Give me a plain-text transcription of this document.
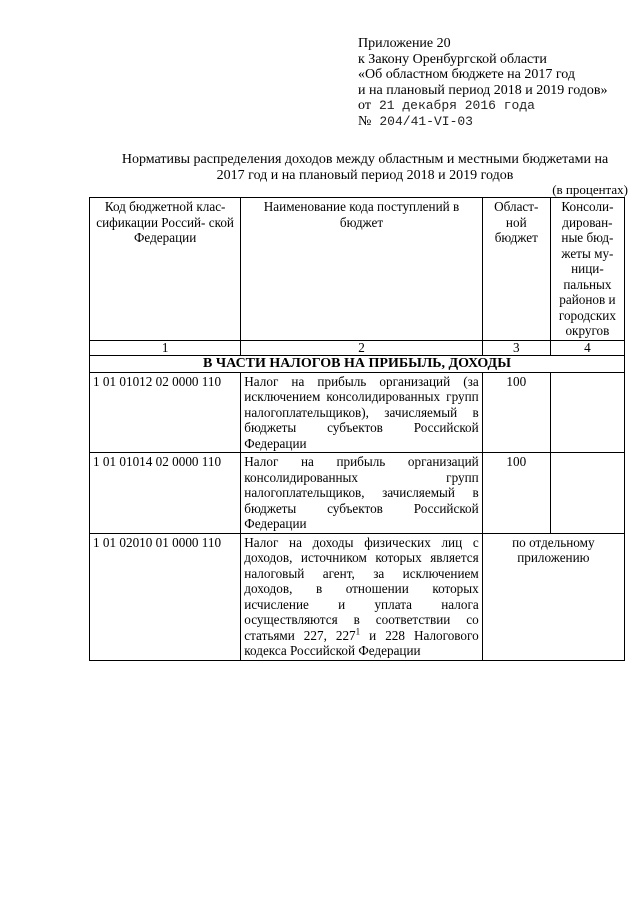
Приложение 20
к Закону Оренбургской области
«Об областном бюджете на 2017 год
и на плановый период 2018 и 2019 годов»
от 21 декабря 2016 года
№ 204/41-VI-03
Нормативы распределения доходов между областным и местными бюджетами на
2017 год и на плановый период 2018 и 2019 годов
(в процентах)
Код бюджетной клас- сификации Россий- ской Федерации	Наименование кода поступлений в бюджет	Област- ной бюджет	Консоли- дирован- ные бюд- жеты му- ници- пальных районов и городских округов
1	2	3	4
В ЧАСТИ НАЛОГОВ НА ПРИБЫЛЬ, ДОХОДЫ			
1 01 01012 02 0000 110	Налог на прибыль организаций (за исключением консолидированных групп налогоплательщиков), зачисляемый в бюджеты субъектов Российской Федерации	100	
1 01 01014 02 0000 110	Налог на прибыль организаций консолидированных групп налогоплательщиков, зачисляемый в бюджеты субъектов Российской Федерации	100	
1 01 02010 01 0000 110	Налог на доходы физических лиц с доходов, источником которых является налоговый агент, за исключением доходов, в отношении которых исчисление и уплата налога осуществляются в соответствии со статьями 227, $227^1$ и 228 Налогового кодекса Российской Федерации	по отдельному приложению	
